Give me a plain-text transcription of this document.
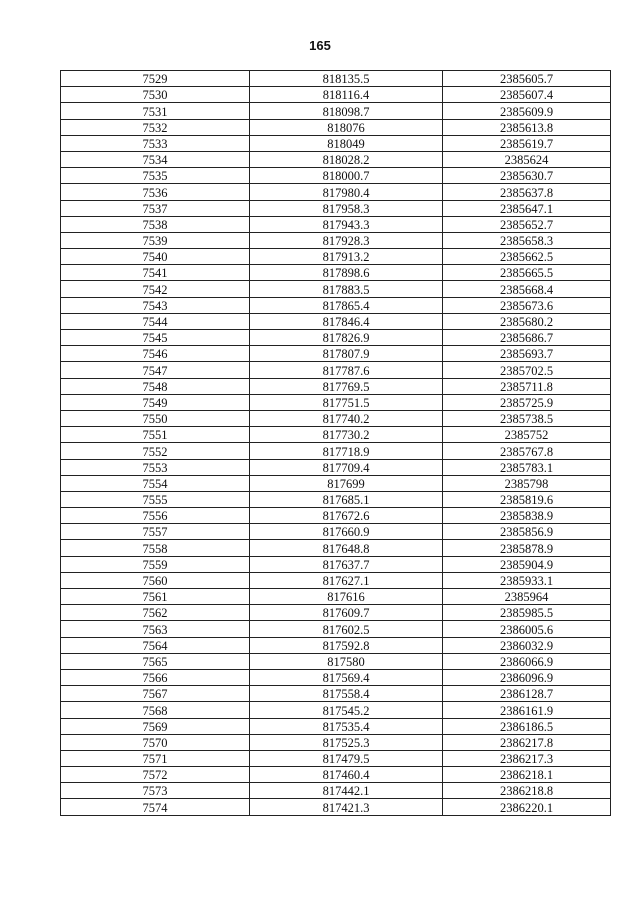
165
7529	818135.5	2385605.7
7530	818116.4	2385607.4
7531	818098.7	2385609.9
7532	818076	2385613.8
7533	818049	2385619.7
7534	818028.2	2385624
7535	818000.7	2385630.7
7536	817980.4	2385637.8
7537	817958.3	2385647.1
7538	817943.3	2385652.7
7539	817928.3	2385658.3
7540	817913.2	2385662.5
7541	817898.6	2385665.5
7542	817883.5	2385668.4
7543	817865.4	2385673.6
7544	817846.4	2385680.2
7545	817826.9	2385686.7
7546	817807.9	2385693.7
7547	817787.6	2385702.5
7548	817769.5	2385711.8
7549	817751.5	2385725.9
7550	817740.2	2385738.5
7551	817730.2	2385752
7552	817718.9	2385767.8
7553	817709.4	2385783.1
7554	817699	2385798
7555	817685.1	2385819.6
7556	817672.6	2385838.9
7557	817660.9	2385856.9
7558	817648.8	2385878.9
7559	817637.7	2385904.9
7560	817627.1	2385933.1
7561	817616	2385964
7562	817609.7	2385985.5
7563	817602.5	2386005.6
7564	817592.8	2386032.9
7565	817580	2386066.9
7566	817569.4	2386096.9
7567	817558.4	2386128.7
7568	817545.2	2386161.9
7569	817535.4	2386186.5
7570	817525.3	2386217.8
7571	817479.5	2386217.3
7572	817460.4	2386218.1
7573	817442.1	2386218.8
7574	817421.3	2386220.1
